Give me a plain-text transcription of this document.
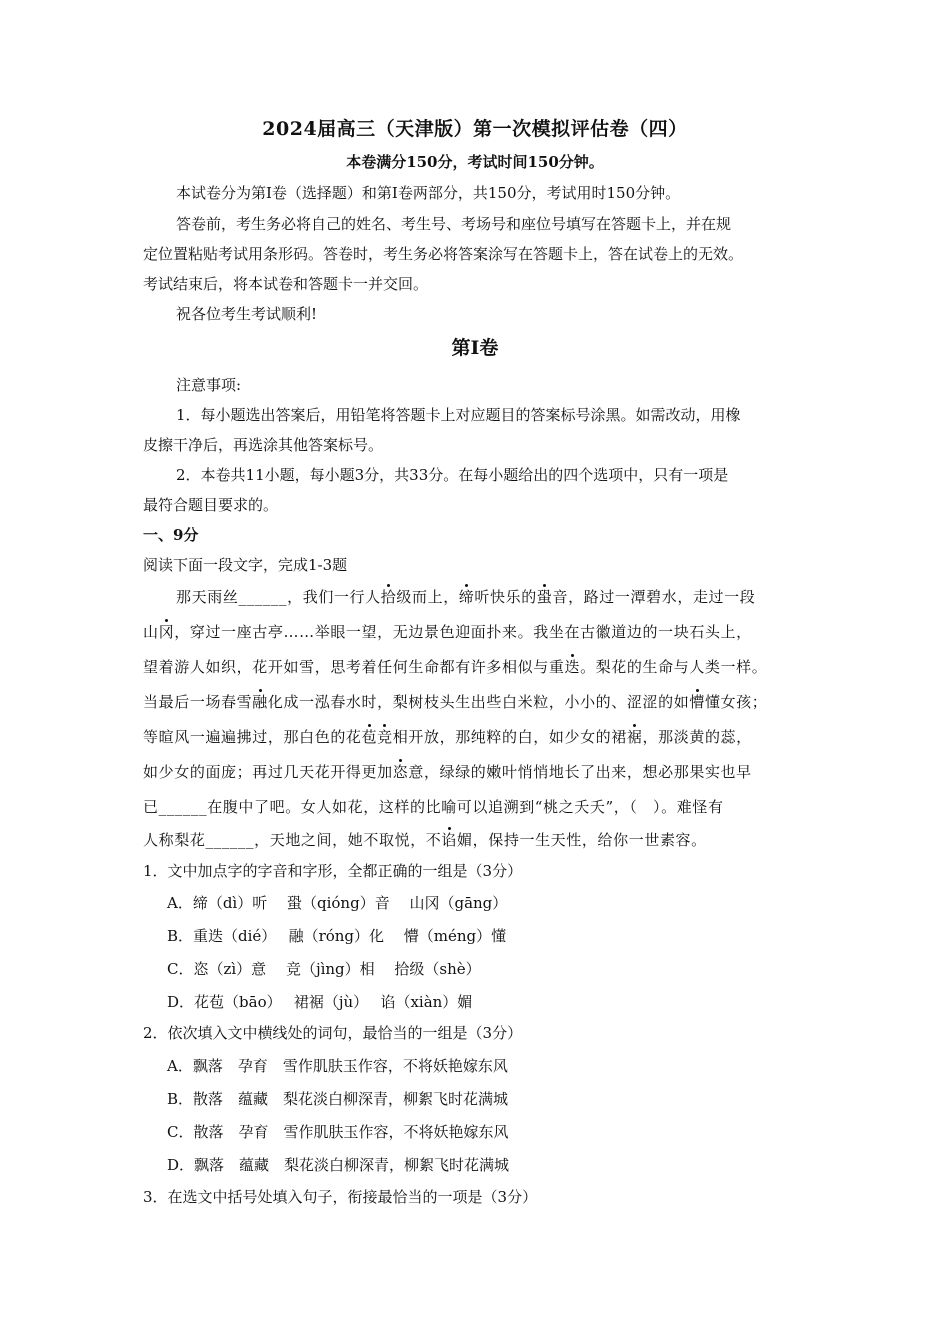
2024届高三（天津版）第一次模拟评估卷（四）
本卷满分150分，考试时间150分钟。
本试卷分为第Ⅰ卷（选择题）和第Ⅰ卷两部分，共150分，考试用时150分钟。
答卷前，考生务必将自己的姓名、考生号、考场号和座位号填写在答题卡上，并在规
定位置粘贴考试用条形码。答卷时，考生务必将答案涂写在答题卡上，答在试卷上的无效。
考试结束后，将本试卷和答题卡一并交回。
祝各位考生考试顺利!
第Ⅰ卷
注意事项:
1．每小题选出答案后，用铅笔将答题卡上对应题目的答案标号涂黑。如需改动，用橡
皮擦干净后，再选涂其他答案标号。
2．本卷共11小题，每小题3分，共33分。在每小题给出的四个选项中，只有一项是
最符合题目要求的。
一、9分
阅读下面一段文字，完成1-3题
那天雨丝______，我们一行人拾级而上，缔听快乐的蛩音，路过一潭碧水，走过一段
山冈，穿过一座古亭……举眼一望，无边景色迎面扑来。我坐在古徽道边的一块石头上，
望着游人如织，花开如雪，思考着任何生命都有许多相似与重迭。梨花的生命与人类一样。
当最后一场春雪融化成一泓春水时，梨树枝头生出些白米粒，小小的、涩涩的如懵懂女孩；
等暄风一遍遍拂过，那白色的花苞竞相开放，那纯粹的白，如少女的裙裾，那淡黄的蕊，
如少女的面庞；再过几天花开得更加恣意，绿绿的嫩叶悄悄地长了出来，想必那果实也早
已______在腹中了吧。女人如花，这样的比喻可以追溯到“桃之夭夭”，（　）。难怪有
人称梨花______，天地之间，她不取悦，不谄媚，保持一生天性，给你一世素容。
1．文中加点字的字音和字形，全都正确的一组是（3分）
A．缔（dì）听　 蛩（qióng）音　 山冈（gāng）
B．重迭（dié）　 融（róng）化　 懵（méng）懂
C．恣（zì）意　 竞（jìng）相　 拾级（shè）
D．花苞（bāo）　 裙裾（jù）　 谄（xiàn）媚
2．依次填入文中横线处的词句，最恰当的一组是（3分）
A．飘落　孕育　雪作肌肤玉作容，不将妖艳嫁东风
B．散落　蕴藏　梨花淡白柳深青，柳絮飞时花满城
C．散落　孕育　雪作肌肤玉作容，不将妖艳嫁东风
D．飘落　蕴藏　梨花淡白柳深青，柳絮飞时花满城
3．在选文中括号处填入句子，衔接最恰当的一项是（3分）
